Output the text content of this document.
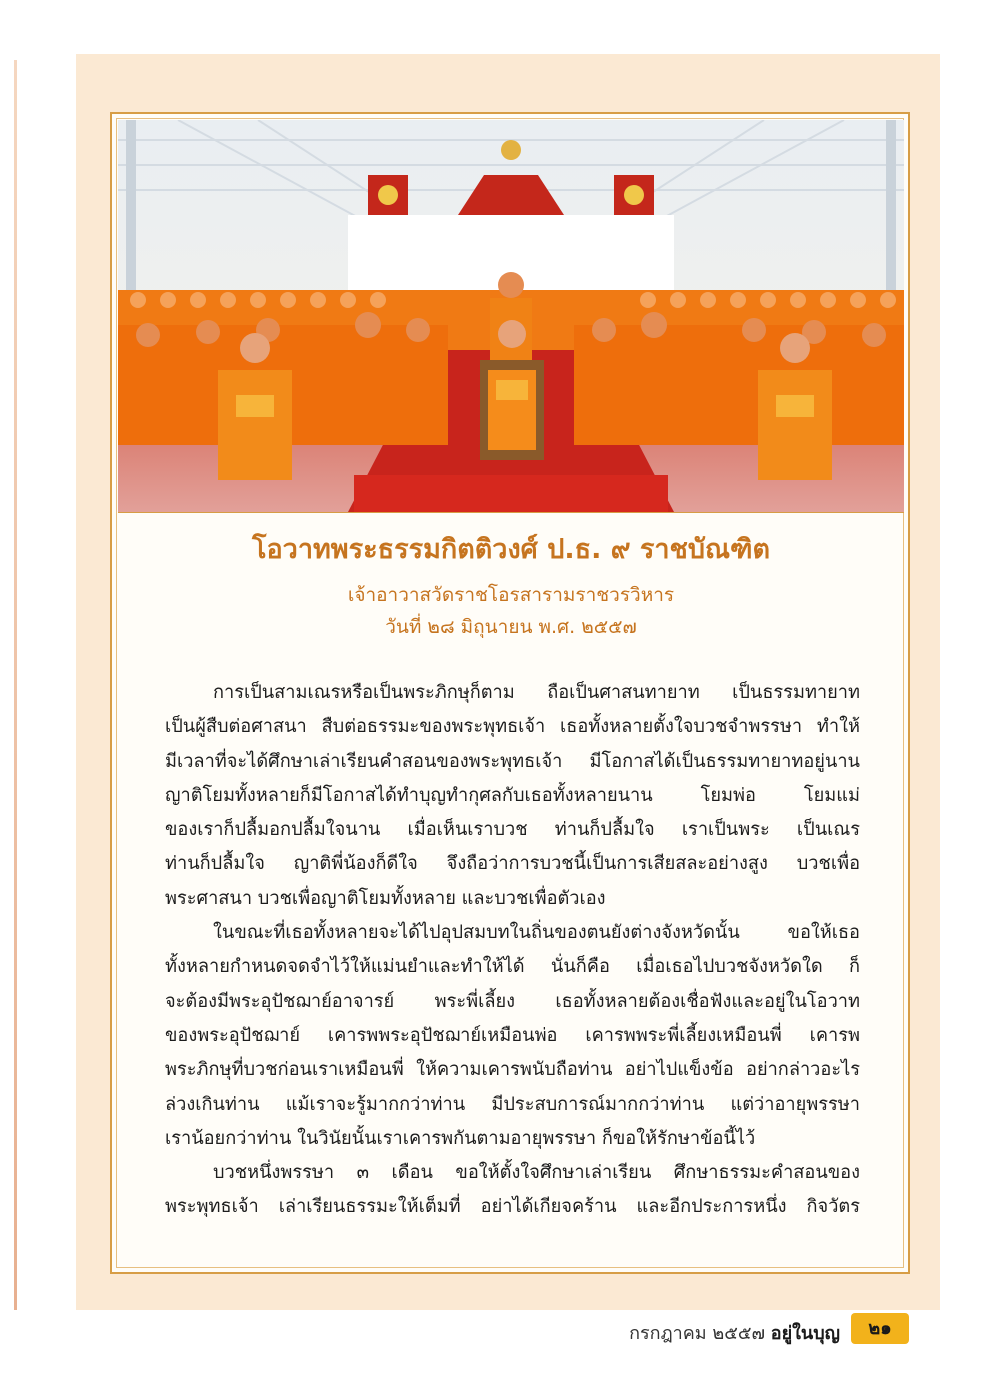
โอวาทพระธรรมกิตติวงศ์ ป.ธ. ๙ ราชบัณฑิต
เจ้าอาวาสวัดราชโอรสารามราชวรวิหาร
วันที่ ๒๘ มิถุนายน พ.ศ. ๒๕๕๗
การเป็นสามเณรหรือเป็นพระภิกษุก็ตาม ถือเป็นศาสนทายาท เป็นธรรมทายาท
เป็นผู้สืบต่อศาสนา สืบต่อธรรมะของพระพุทธเจ้า เธอทั้งหลายตั้งใจบวชจำพรรษา ทำให้
มีเวลาที่จะได้ศึกษาเล่าเรียนคำสอนของพระพุทธเจ้า มีโอกาสได้เป็นธรรมทายาทอยู่นาน
ญาติโยมทั้งหลายก็มีโอกาสได้ทำบุญทำกุศลกับเธอทั้งหลายนาน โยมพ่อ โยมแม่
ของเราก็ปลื้มอกปลื้มใจนาน เมื่อเห็นเราบวช ท่านก็ปลื้มใจ เราเป็นพระ เป็นเณร
ท่านก็ปลื้มใจ ญาติพี่น้องก็ดีใจ จึงถือว่าการบวชนี้เป็นการเสียสละอย่างสูง บวชเพื่อ
พระศาสนา บวชเพื่อญาติโยมทั้งหลาย และบวชเพื่อตัวเอง
ในขณะที่เธอทั้งหลายจะได้ไปอุปสมบทในถิ่นของตนยังต่างจังหวัดนั้น ขอให้เธอ
ทั้งหลายกำหนดจดจำไว้ให้แม่นยำและทำให้ได้ นั่นก็คือ เมื่อเธอไปบวชจังหวัดใด ก็
จะต้องมีพระอุปัชฌาย์อาจารย์ พระพี่เลี้ยง เธอทั้งหลายต้องเชื่อฟังและอยู่ในโอวาท
ของพระอุปัชฌาย์ เคารพพระอุปัชฌาย์เหมือนพ่อ เคารพพระพี่เลี้ยงเหมือนพี่ เคารพ
พระภิกษุที่บวชก่อนเราเหมือนพี่ ให้ความเคารพนับถือท่าน อย่าไปแข็งข้อ อย่ากล่าวอะไร
ล่วงเกินท่าน แม้เราจะรู้มากกว่าท่าน มีประสบการณ์มากกว่าท่าน แต่ว่าอายุพรรษา
เราน้อยกว่าท่าน ในวินัยนั้นเราเคารพกันตามอายุพรรษา ก็ขอให้รักษาข้อนี้ไว้
บวชหนึ่งพรรษา ๓ เดือน ขอให้ตั้งใจศึกษาเล่าเรียน ศึกษาธรรมะคำสอนของ
พระพุทธเจ้า เล่าเรียนธรรมะให้เต็มที่ อย่าได้เกียจคร้าน และอีกประการหนึ่ง กิจวัตร
กรกฎาคม ๒๕๕๗ อยู่ในบุญ	๒๑
